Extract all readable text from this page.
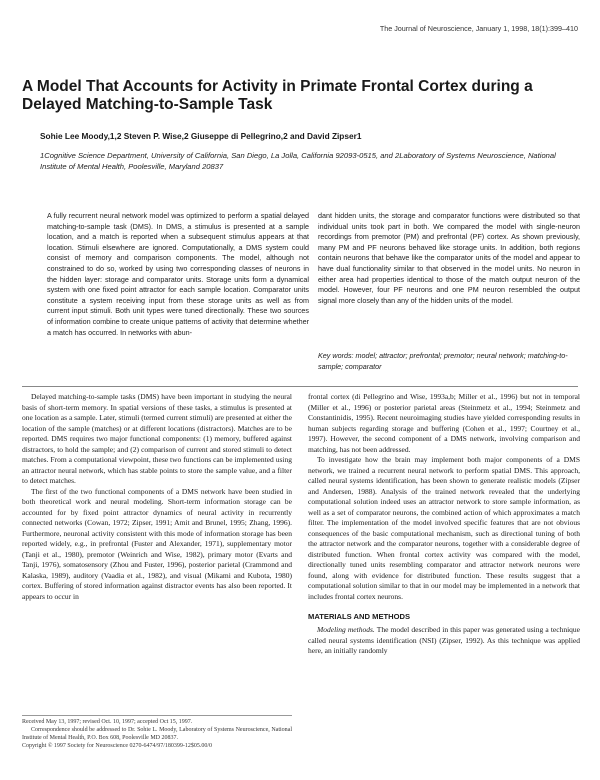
The Journal of Neuroscience, January 1, 1998, 18(1):399–410
A Model That Accounts for Activity in Primate Frontal Cortex during a Delayed Matching-to-Sample Task

Sohie Lee Moody,1,2 Steven P. Wise,2 Giuseppe di Pellegrino,2 and David Zipser1

1Cognitive Science Department, University of California, San Diego, La Jolla, California 92093-0515, and 2Laboratory of Systems Neuroscience, National Institute of Mental Health, Poolesville, Maryland 20837

A fully recurrent neural network model was optimized to perform a spatial delayed matching-to-sample task (DMS). In DMS, a stimulus is presented at a sample location, and a match is reported when a subsequent stimulus appears at that location. Stimuli elsewhere are ignored. Computationally, a DMS system could consist of memory and comparison components. The model, although not constrained to do so, worked by using two corresponding classes of neurons in the hidden layer: storage and comparator units. Storage units form a dynamical system with one fixed point attractor for each sample location. Comparator units constitute a system receiving input from these storage units as well as from current input stimuli. Both unit types were tuned directionally. These two sources of information combine to create unique patterns of activity that determine whether a match has occurred. In networks with abun-

dant hidden units, the storage and comparator functions were distributed so that individual units took part in both. We compared the model with single-neuron recordings from premotor (PM) and prefrontal (PF) cortex. As shown previously, many PM and PF neurons behaved like storage units. In addition, both regions contain neurons that behave like the comparator units of the model and appear to have dual functionality similar to that observed in the model units. No neuron in either area had properties identical to those of the match output neuron of the model. However, four PF neurons and one PM neuron resembled the output signal more closely than any of the hidden units of the model.

Key words: model; attractor; prefrontal; premotor; neural network; matching-to-sample; comparator

Delayed matching-to-sample tasks (DMS) have been important in studying the neural basis of short-term memory. In spatial versions of these tasks, a stimulus is presented at one location as a sample. Later, stimuli (termed current stimuli) are presented at either the location of the sample (matches) or at different locations (distractors). Matches are to be reported. DMS requires two major functional components: (1) memory, buffered against distractors, to hold the sample; and (2) comparison of current and stored stimuli to detect matches. From a computational viewpoint, these two functions can be implemented using an attractor neural network, which has stable points to store the sample value, and a filter to detect matches.

The first of the two functional components of a DMS network have been studied in both theoretical work and neural modeling. Short-term information storage can be accounted for by fixed point attractor dynamics of neural activity in recurrently connected networks (Cowan, 1972; Zipser, 1991; Amit and Brunel, 1995; Zhang, 1996). Furthermore, neuronal activity consistent with this mode of information storage has been reported widely, e.g., in prefrontal (Fuster and Alexander, 1971), supplementary motor (Tanji et al., 1980), premotor (Weinrich and Wise, 1982), primary motor (Evarts and Tanji, 1976), somatosensory (Zhou and Fuster, 1996), posterior parietal (Crammond and Kalaska, 1989), auditory (Vaadia et al., 1982), and visual (Mikami and Kubota, 1980) cortex. Buffering of stored information against distractor events has also been reported. It appears to occur in

Received May 13, 1997; revised Oct. 10, 1997; accepted Oct 15, 1997.

Correspondence should be addressed to Dr. Sohie L. Moody, Laboratory of Systems Neuroscience, National Institute of Mental Health, P.O. Box 608, Poolesville MD 20837.

Copyright © 1997 Society for Neuroscience 0270-6474/97/180399-12$05.00/0

frontal cortex (di Pellegrino and Wise, 1993a,b; Miller et al., 1996) but not in temporal (Miller et al., 1996) or posterior parietal areas (Steinmetz et al., 1994; Steinmetz and Constantinidis, 1995). Recent neuroimaging studies have yielded corresponding results in human subjects regarding storage and buffering (Cohen et al., 1997; Courtney et al., 1997). However, the second component of a DMS network, involving comparison and matching, has not been addressed.

To investigate how the brain may implement both major components of a DMS network, we trained a recurrent neural network to perform spatial DMS. This approach, called neural systems identification, has been shown to generate realistic models (Zipser and Andersen, 1988). Analysis of the trained network revealed that the underlying computational solution indeed uses an attractor network to store sample information, as well as a set of comparator neurons, the combined action of which approximates a match filter. The implementation of the model involved specific features that are not obvious consequences of the basic computational mechanism, such as directional tuning of both the attractor network and the comparator neurons, together with a considerable degree of distributed function. When frontal cortex activity was compared with the model, directionally tuned units resembling comparator and attractor network neurons were found, along with evidence for distributed function. These results suggest that a computational solution similar to that in our model may be implemented in a network that includes frontal cortex neurons.

MATERIALS AND METHODS

Modeling methods. The model described in this paper was generated using a technique called neural systems identification (NSI) (Zipser, 1992). As this technique was applied here, an initially randomly
